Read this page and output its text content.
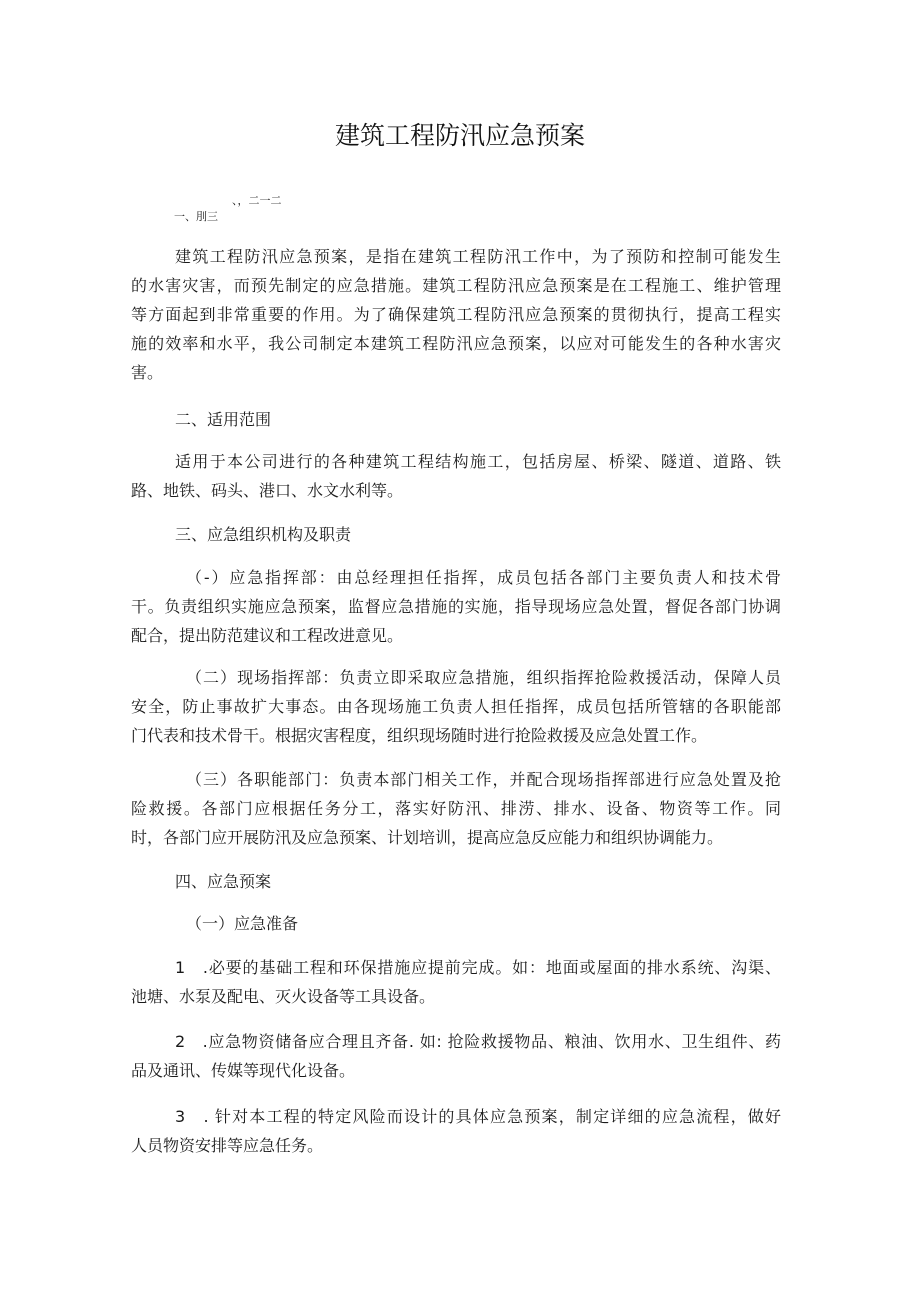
建筑工程防汛应急预案
、，二一二
一、刖三
建筑工程防汛应急预案，是指在建筑工程防汛工作中，为了预防和控制可能发生
的水害灾害，而预先制定的应急措施。建筑工程防汛应急预案是在工程施工、维护管理
等方面起到非常重要的作用。为了确保建筑工程防汛应急预案的贯彻执行，提高工程实
施的效率和水平，我公司制定本建筑工程防汛应急预案，以应对可能发生的各种水害灾
害。
二、适用范围
适用于本公司进行的各种建筑工程结构施工，包括房屋、桥梁、隧道、道路、铁
路、地铁、码头、港口、水文水利等。
三、应急组织机构及职责
（-）应急指挥部：由总经理担任指挥，成员包括各部门主要负责人和技术骨
干。负责组织实施应急预案，监督应急措施的实施，指导现场应急处置，督促各部门协调
配合，提出防范建议和工程改进意见。
（二）现场指挥部：负责立即采取应急措施，组织指挥抢险救援活动，保障人员
安全，防止事故扩大事态。由各现场施工负责人担任指挥，成员包括所管辖的各职能部
门代表和技术骨干。根据灾害程度，组织现场随时进行抢险救援及应急处置工作。
（三）各职能部门：负责本部门相关工作，并配合现场指挥部进行应急处置及抢
险救援。各部门应根据任务分工，落实好防汛、排涝、排水、设备、物资等工作。同
时，各部门应开展防汛及应急预案、计划培训，提高应急反应能力和组织协调能力。
四、应急预案
（一）应急准备
1　.必要的基础工程和环保措施应提前完成。如：地面或屋面的排水系统、沟渠、
池塘、水泵及配电、灭火设备等工具设备。
2　.应急物资储备应合理且齐备. 如: 抢险救援物品、粮油、饮用水、卫生组件、药
品及通讯、传媒等现代化设备。
3　. 针对本工程的特定风险而设计的具体应急预案，制定详细的应急流程，做好
人员物资安排等应急任务。
